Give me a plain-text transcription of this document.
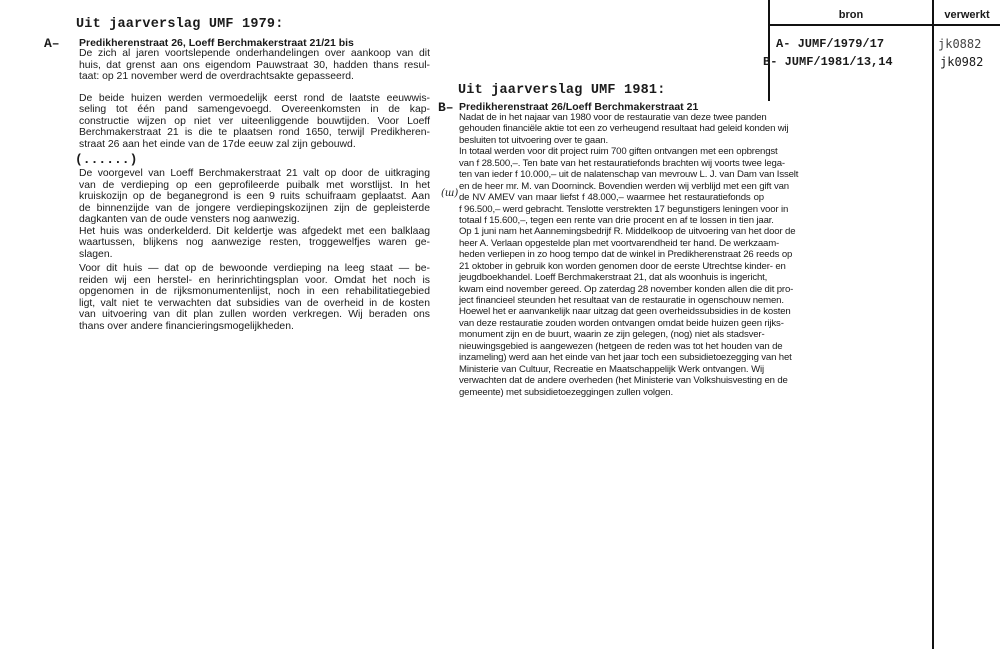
Uit jaarverslag UMF 1979:
A– Predikherenstraat 26, Loeff Berchmakerstraat 21/21 bis
De zich al jaren voortslepende onderhandelingen over aankoop van dit
huis, dat grenst aan ons eigendom Pauwstraat 30, hadden thans resul-
taat: op 21 november werd de overdrachtsakte gepasseerd.
De beide huizen werden vermoedelijk eerst rond de laatste eeuwwis-
seling tot één pand samengevoegd. Overeenkomsten in de kap-
constructie wijzen op niet ver uiteenliggende bouwtijden. Voor Loeff
Berchmakerstraat 21 is die te plaatsen rond 1650, terwijl Predikheren-
straat 26 aan het einde van de 17de eeuw zal zijn gebouwd.
(......)
De voorgevel van Loeff Berchmakerstraat 21 valt op door de uitkraging
van de verdieping op een geprofileerde puibalk met worstlijst. In het
kruiskozijn op de beganegrond is een 9 ruits schuifraam geplaatst. Aan
de binnenzijde van de jongere verdiepingskozijnen zijn de gepleisterde
dagkanten van de oude vensters nog aanwezig.
Het huis was onderkelderd. Dit keldertje was afgedekt met een balklaag
waartussen, blijkens nog aanwezige resten, troggewelfjes waren ge-
slagen.
Voor dit huis — dat op de bewoonde verdieping na leeg staat — be-
reiden wij een herstel- en herinrichtingsplan voor. Omdat het noch is
opgenomen in de rijksmonumentenlijst, noch in een rehabilitatiegebied
ligt, valt niet te verwachten dat subsidies van de overheid in de kosten
van uitvoering van dit plan zullen worden verkregen. Wij beraden ons
thans over andere financieringsmogelijkheden.
Uit jaarverslag UMF 1981:
B– Predikherenstraat 26/Loeff Berchmakerstraat 21
(ш)
Nadat de in het najaar van 1980 voor de restauratie van deze twee panden
gehouden financiële aktie tot een zo verheugend resultaat had geleid konden wij
besluiten tot uitvoering over te gaan.
In totaal werden voor dit project ruim 700 giften ontvangen met een opbrengst
van f 28.500,–. Ten bate van het restauratiefonds brachten wij voorts twee lega-
ten van ieder f 10.000,– uit de nalatenschap van mevrouw L. J. van Dam van Isselt
en de heer mr. M. van Doorninck. Bovendien werden wij verblijd met een gift van
de NV AMEV van maar liefst f 48.000,– waarmee het restauratiefonds op
f 96.500,– werd gebracht. Tenslotte verstrekten 17 begunstigers leningen voor in
totaal f 15.600,–, tegen een rente van drie procent en af te lossen in tien jaar.
Op 1 juni nam het Aannemingsbedrijf R. Middelkoop de uitvoering van het door de
heer A. Verlaan opgestelde plan met voortvarendheid ter hand. De werkzaam-
heden verliepen in zo hoog tempo dat de winkel in Predikherenstraat 26 reeds op
21 oktober in gebruik kon worden genomen door de eerste Utrechtse kinder- en
jeugdboekhandel. Loeff Berchmakerstraat 21, dat als woonhuis is ingericht,
kwam eind november gereed. Op zaterdag 28 november konden allen die dit pro-
ject financieel steunden het resultaat van de restauratie in ogenschouw nemen.
Hoewel het er aanvankelijk naar uitzag dat geen overheidssubsidies in de kosten
van deze restauratie zouden worden ontvangen omdat beide huizen geen rijks-
monument zijn en de buurt, waarin ze zijn gelegen, (nog) niet als stadsver-
nieuwingsgebied is aangewezen (hetgeen de reden was tot het houden van de
inzameling) werd aan het einde van het jaar toch een subsidietoezegging van het
Ministerie van Cultuur, Recreatie en Maatschappelijk Werk ontvangen. Wij
verwachten dat de andere overheden (het Ministerie van Volkshuisvesting en de
gemeente) met subsidietoezeggingen zullen volgen.
bron	verwerkt
A- JUMF/1979/17
B- JUMF/1981/13,14
jk0882
jk0982
